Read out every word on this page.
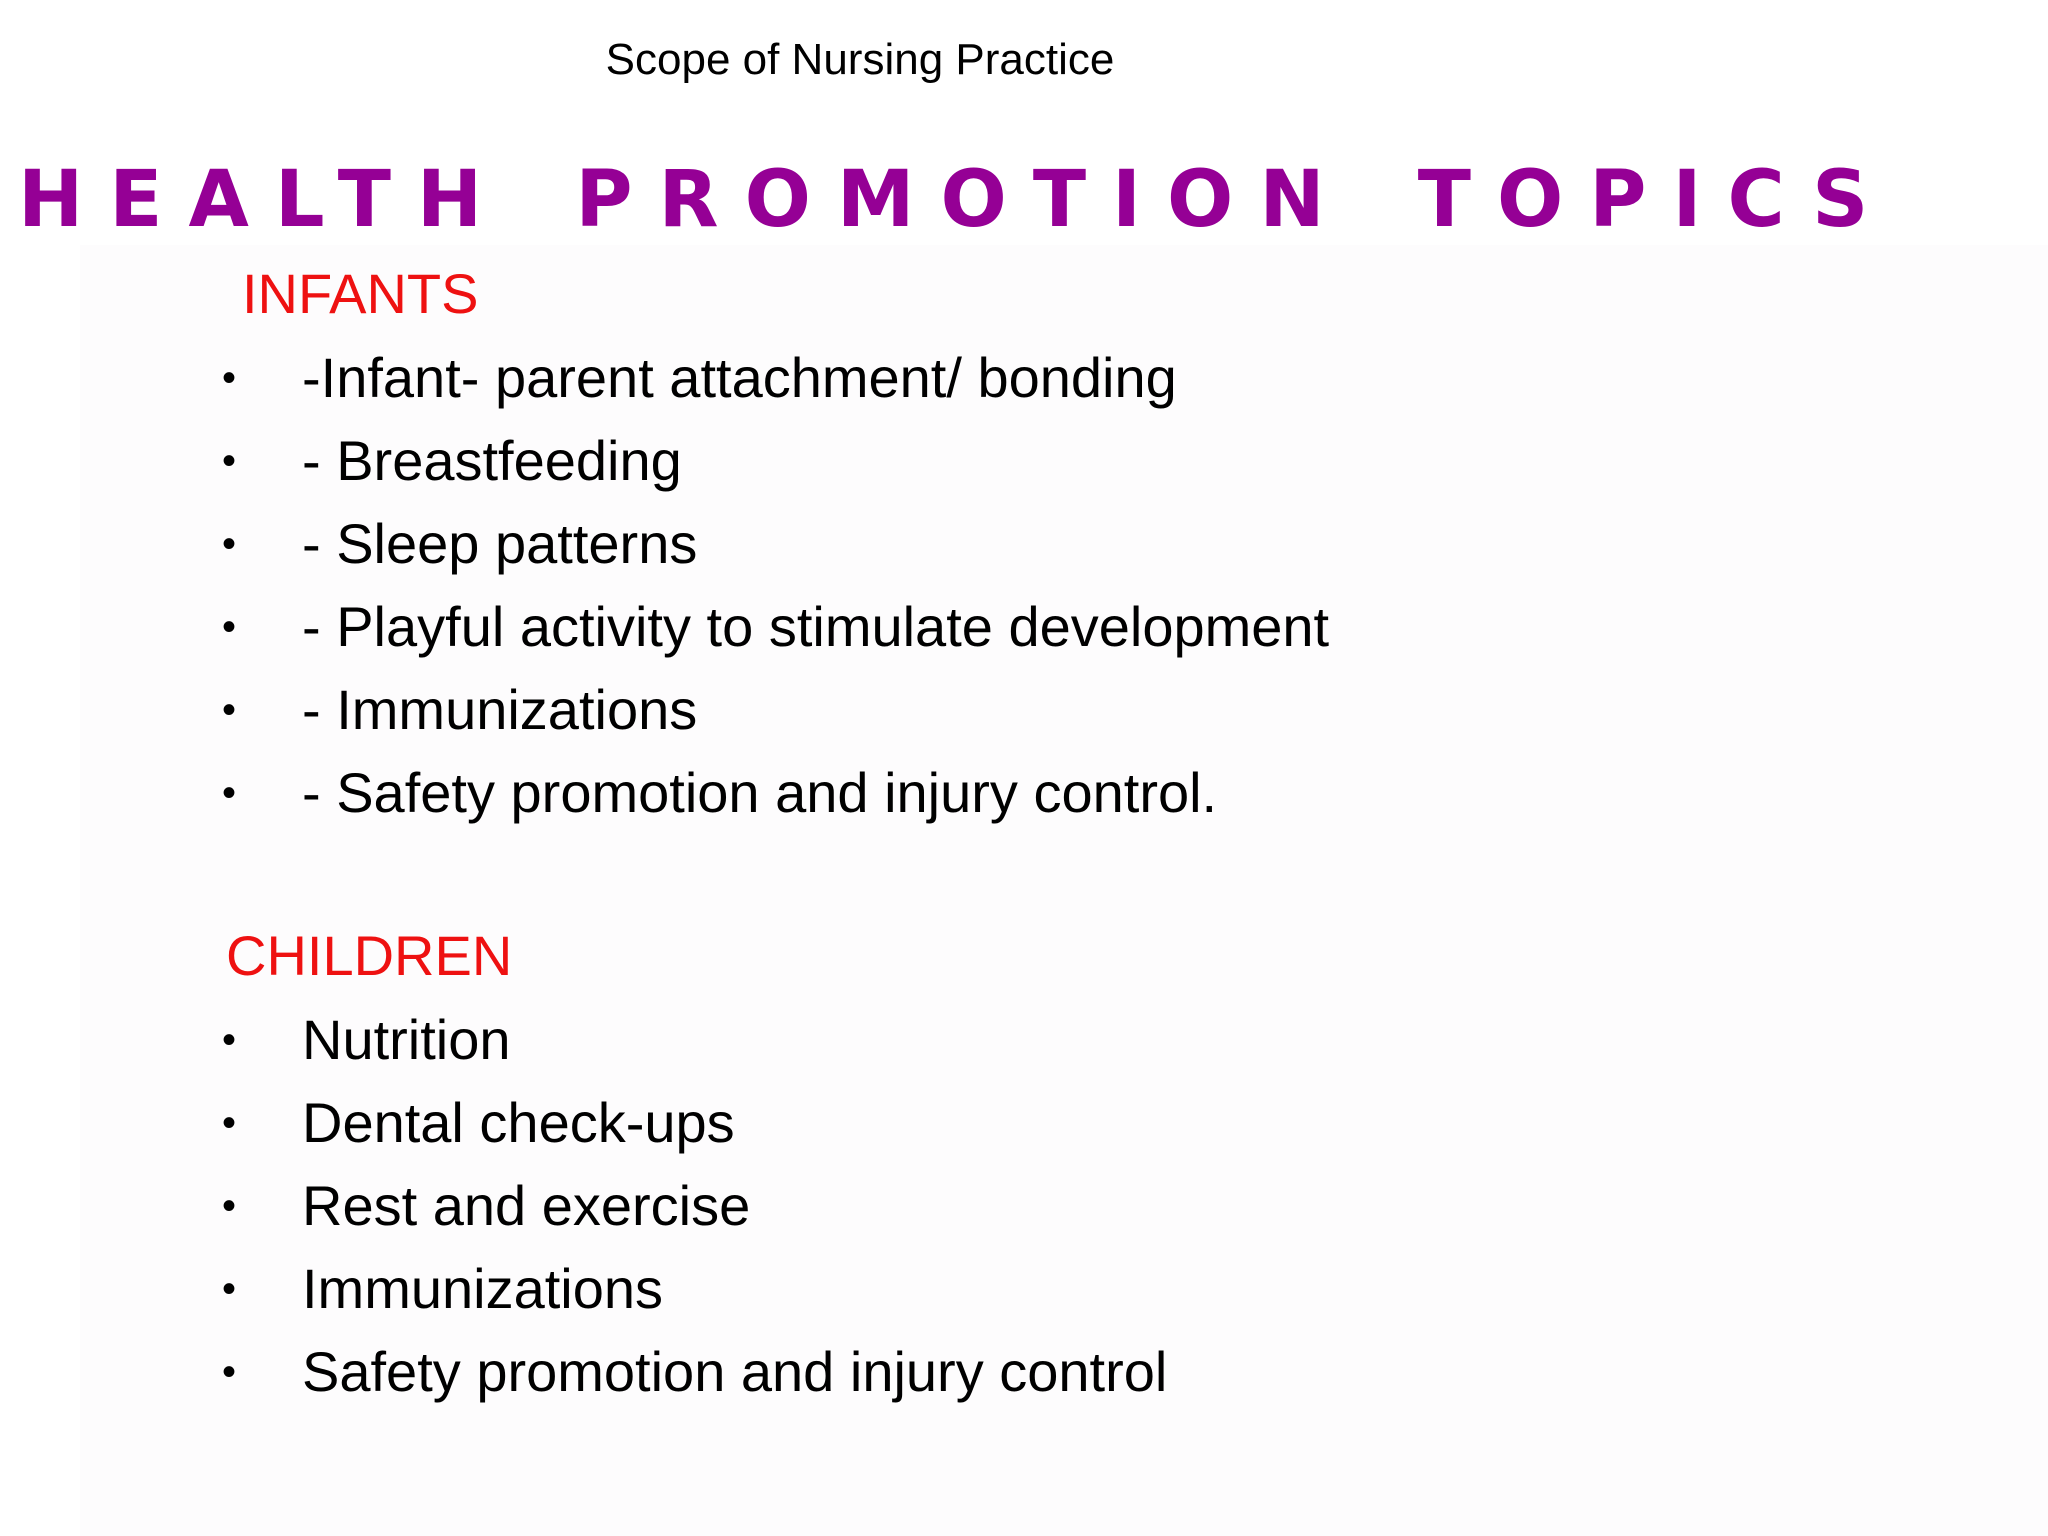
Scope of Nursing Practice
HEALTH PROMOTION TOPICS
INFANTS
• -Infant- parent attachment/ bonding
• - Breastfeeding
• - Sleep patterns
• - Playful activity to stimulate development
• - Immunizations
• - Safety promotion and injury control.
CHILDREN
• Nutrition
• Dental check-ups
• Rest and exercise
• Immunizations
• Safety promotion and injury control
